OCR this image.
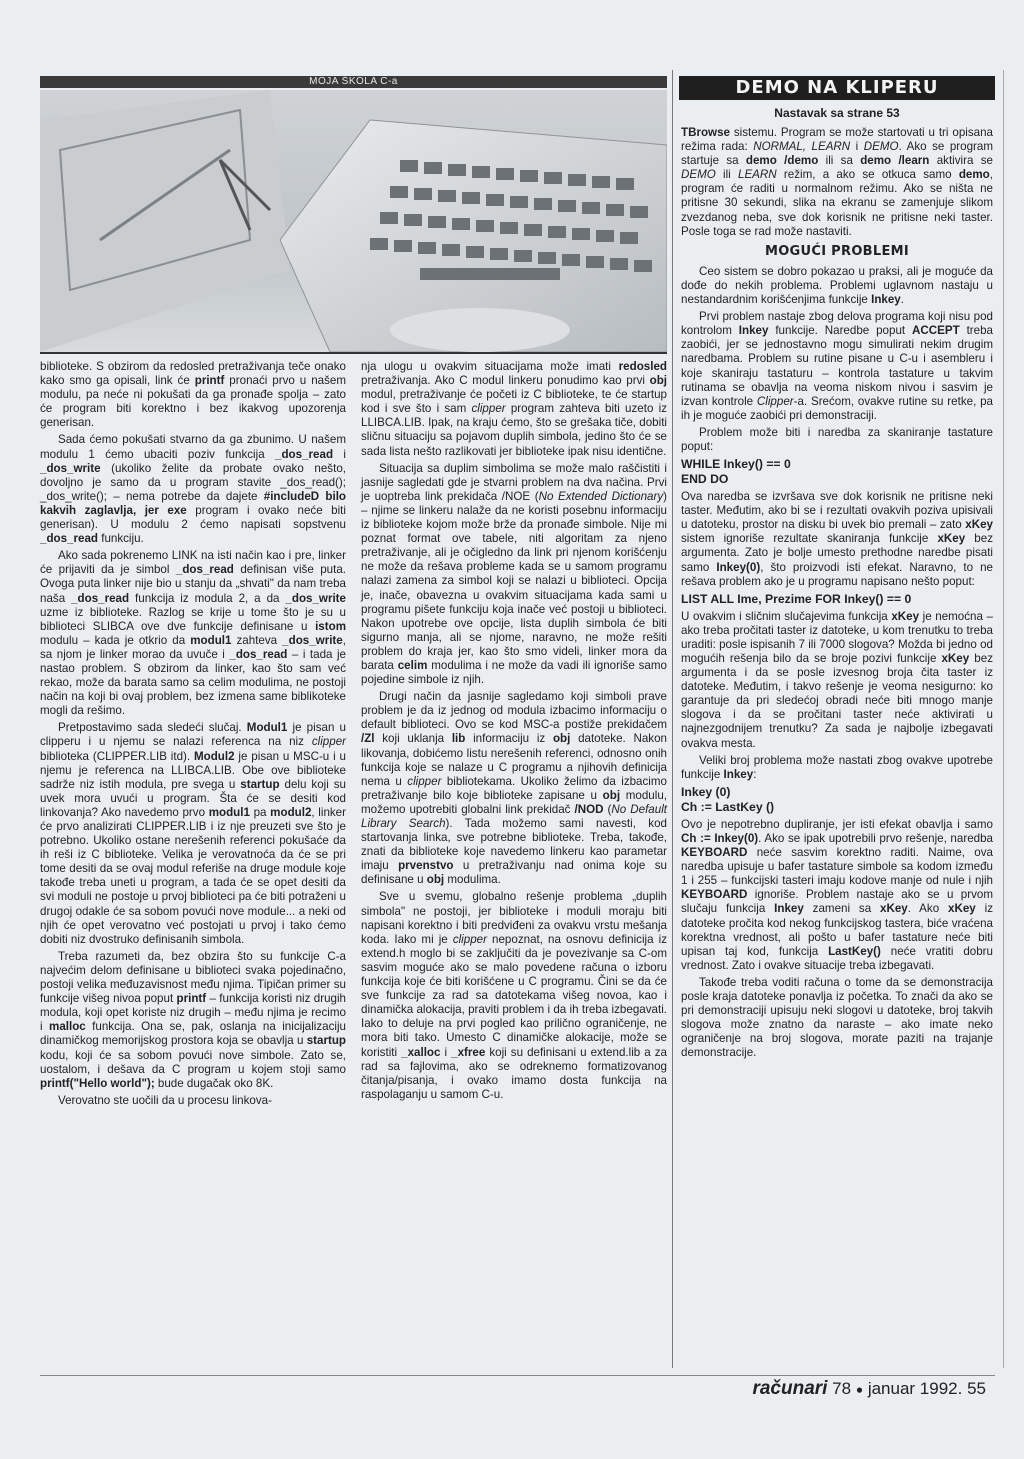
MOJA ŠKOLA C-a	DEMO NA KLIPERU
Nastavak sa strane 53

biblioteke. S obzirom da redosled pretraživanja teče onako kako smo ga opisali, link će printf pronaći prvo u našem modulu, pa neće ni pokušati da ga pronađe spolja – zato će program biti korektno i bez ikakvog upozorenja generisan.

Sada ćemo pokušati stvarno da ga zbunimo. U našem modulu 1 ćemo ubaciti poziv funkcija _dos_read i _dos_write (ukoliko želite da probate ovako nešto, dovoljno je samo da u program stavite _dos_read(); _dos_write(); – nema potrebe da dajete #includeD bilo kakvih zaglavlja, jer exe program i ovako neće biti generisan). U modulu 2 ćemo napisati sopstvenu _dos_read funkciju.

Ako sada pokrenemo LINK na isti način kao i pre, linker će prijaviti da je simbol _dos_read definisan više puta. Ovoga puta linker nije bio u stanju da „shvati" da nam treba naša _dos_read funkcija iz modula 2, a da _dos_write uzme iz biblioteke. Razlog se krije u tome što je su u biblioteci SLIBCA ove dve funkcije definisane u istom modulu – kada je otkrio da modul1 zahteva _dos_write, sa njom je linker morao da uvuče i _dos_read – i tada je nastao problem. S obzirom da linker, kao što sam već rekao, može da barata samo sa celim modulima, ne postoji način na koji bi ovaj problem, bez izmena same biblikoteke mogli da rešimo.

Pretpostavimo sada sledeći slučaj. Modul1 je pisan u clipperu i u njemu se nalazi referenca na niz clipper biblioteka (CLIPPER.LIB itd). Modul2 je pisan u MSC-u i u njemu je referenca na LLIBCA.LIB. Obe ove biblioteke sadrže niz istih modula, pre svega u startup delu koji su uvek mora uvući u program. Šta će se desiti kod linkovanja? Ako navedemo prvo modul1 pa modul2, linker će prvo analizirati CLIPPER.LIB i iz nje preuzeti sve što je potrebno. Ukoliko ostane nerešenih referenci pokušaće da ih reši iz C biblioteke. Velika je verovatnoća da će se pri tome desiti da se ovaj modul referiše na druge module koje takođe treba uneti u program, a tada će se opet desiti da svi moduli ne postoje u prvoj biblioteci pa će biti potraženi u drugoj odakle će sa sobom povući nove module... a neki od njih će opet verovatno već postojati u prvoj i tako ćemo dobiti niz dvostruko definisanih simbola.

Treba razumeti da, bez obzira što su funkcije C-a najvećim delom definisane u bibliotеci svaka pojedinačno, postoji velika međuzavisnost među njima. Tipičan primer su funkcije višeg nivoa poput printf – funkcija koristi niz drugih modula, koji opet koriste niz drugih – među njima je recimo i malloc funkcija. Ona se, pak, oslanja na inicijalizaciju dinamičkog memorijskog prostora koja se obavlja u startup kodu, koji će sa sobom povući nove simbole. Zato se, uostalom, i dešava da C program u kojem stoji samo printf("Hello world"); bude dugačak oko 8K.

Verovatno ste uočili da u procesu linkova-

nja ulogu u ovakvim situacijama može imati redosled pretraživanja. Ako C modul linkeru ponudimo kao prvi obj modul, pretraživanje će početi iz C biblioteke, te će startup kod i sve što i sam clipper program zahteva biti uzeto iz LLIBCA.LIB. Ipak, na kraju ćemo, što se grešaka tiče, dobiti sličnu situaciju sa pojavom duplih simbola, jedino što će se sada lista nešto razlikovati jer biblioteke ipak nisu identične.

Situacija sa duplim simbolima se može malo raščistiti i jasnije sagledati gde je stvarni problem na dva načina. Prvi je uoptreba link prekidača /NOE (No Extended Dictionary) – njime se linkeru nalaže da ne koristi posebnu informaciju iz biblioteke kojom može brže da pronađe simbole. Nije mi poznat format ove tabele, niti algoritam za njeno pretraživanje, ali je očigledno da link pri njenom korišćenju ne može da rešava probleme kada se u samom programu nalazi zamena za simbol koji se nalazi u biblioteci. Opcija je, inače, obavezna u ovakvim situacijama kada sami u programu pišete funkciju koja inače već postoji u biblioteci. Nakon upotrebe ove opcije, lista duplih simbola će biti sigurno manja, ali se njome, naravno, ne može rešiti problem do kraja jer, kao što smo videli, linker mora da barata celim modulima i ne može da vadi ili ignoriše samo pojedine simbole iz njih.

Drugi način da jasnije sagledamo koji simboli prave problem je da iz jednog od modula izbacimo informaciju o default biblioteci. Ovo se kod MSC-a postiže prekidačem /Zl koji uklanja lib informaciju iz obj datoteke. Nakon likovanja, dobićemo listu nerešenih referenci, odnosno onih funkcija koje se nalaze u C programu a njihovih definicija nema u clipper bibliotekama. Ukoliko želimo da izbacimo pretraživanje bilo koje biblioteke zapisane u obj modulu, možemo upotrebiti globalni link prekidač /NOD (No Default Library Search). Tada možemo sami navesti, kod startovanja linka, sve potrebne biblioteke. Treba, takođe, znati da biblioteke koje navedemo linkeru kao parametar imaju prvenstvo u pretraživanju nad onima koje su definisane u obj modulima.

Sve u svemu, globalno rešenje problema „duplih simbola" ne postoji, jer biblioteke i moduli moraju biti napisani korektno i biti predviđeni za ovakvu vrstu mešanja koda. Iako mi je clipper nepoznat, na osnovu definicija iz extend.h moglo bi se zaključiti da je povezivanje sa C-om sasvim moguće ako se malo povedene računa o izboru funkcija koje će biti korišćene u C programu. Čini se da će sve funkcije za rad sa datotekama višeg novoa, kao i dinamička alokacija, praviti problem i da ih treba izbegavati. Iako to deluje na prvi pogled kao prilično ograničenje, ne mora biti tako. Umesto C dinamičke alokacije, može se koristiti _xalloc i _xfree koji su definisani u extend.lib a za rad sa fajlovima, ako se odreknemo formatizovanog čitanja/pisanja, i ovako imamo dosta funkcija na raspolaganju u samom C-u.

TBrowse sistemu. Program se može startovati u tri opisana režima rada: NORMAL, LEARN i DEMO. Ako se program startuje sa demo /demo ili sa demo /learn aktivira se DEMO ili LEARN režim, a ako se otkuca samo demo, program će raditi u normalnom režimu. Ako se ništa ne pritisne 30 sekundi, slika na ekranu se zamenjuje slikom zvezdanog neba, sve dok korisnik ne pritisne neki taster. Posle toga se rad može nastaviti.

MOGUĆI PROBLEMI

Ceo sistem se dobro pokazao u praksi, ali je moguće da dođe do nekih problema. Problemi uglavnom nastaju u nestandardnim korišćenjima funkcije Inkey.

Prvi problem nastaje zbog delova programa koji nisu pod kontrolom Inkey funkcije. Naredbe poput ACCEPT treba zaobići, jer se jednostavno mogu simulirati nekim drugim naredbama. Problem su rutine pisane u C-u i asembleru i koje skaniraju tastaturu – kontrola tastature u takvim rutinama se obavlja na veoma niskom nivou i sasvim je izvan kontrole Clipper-a. Srećom, ovakve rutine su retke, pa ih je moguće zaobići pri demonstraciji.

Problem može biti i naredba za skaniranje tastature poput:

WHILE Inkey() == 0
END DO

Ova naredba se izvršava sve dok korisnik ne pritisne neki taster. Međutim, ako bi se i rezultati ovakvih poziva upisivali u datoteku, prostor na disku bi uvek bio premali – zato xKey sistem ignoriše rezultate skaniranja funkcije xKey bez argumenta. Zato je bolje umesto prethodne naredbe pisati samo Inkey(0), što proizvodi isti efekat. Naravno, to ne rešava problem ako je u programu napisano nešto poput:

LIST ALL Ime, Prezime FOR Inkey() == 0

U ovakvim i sličnim slučajevima funkcija xKey je nemoćna – ako treba pročitati taster iz datoteke, u kom trenutku to treba uraditi: posle ispisanih 7 ili 7000 slogova? Možda bi jedno od mogućih rešenja bilo da se broje pozivi funkcije xKey bez argumenta i da se posle izvesnog broja čita taster iz datoteke. Međutim, i takvo rešenje je veoma nesigurno: ko garantuje da pri sledećoj obradi neće biti mnogo manje slogova i da se pročitani taster neće aktivirati u najnezgodnijem trenutku? Za sada je najbolje izbegavati ovakva mesta.

Veliki broj problema može nastati zbog ovakve upotrebe funkcije Inkey:

Inkey (0)
Ch := LastKey ()

Ovo je nepotrebno dupliranje, jer isti efekat obavlja i samo Ch := Inkey(0). Ako se ipak upotrebili prvo rešenje, naredba KEYBOARD neće sasvim korektno raditi. Naime, ova naredba upisuje u bafer tastature simbole sa kodom između 1 i 255 – funkcijski tasteri imaju kodove manje od nule i njih KEYBOARD ignoriše. Problem nastaje ako se u prvom slučaju funkcija Inkey zameni sa xKey. Ako xKey iz datoteke pročita kod nekog funkcijskog tastera, biće vraćena korektna vrednost, ali pošto u bafer tastature neće biti upisan taj kod, funkcija LastKey() neće vratiti dobru vrednost. Zato i ovakve situacije treba izbegavati.

Takođe treba voditi računa o tome da se demonstracija posle kraja datoteke ponavlja iz početka. To znači da ako se pri demonstraciji upisuju neki slogovi u datoteke, broj takvih slogova može znatno da naraste – ako imate neko ograničenje na broj slogova, morate paziti na trajanje demonstracije.

računari 78 ● januar 1992. 55
